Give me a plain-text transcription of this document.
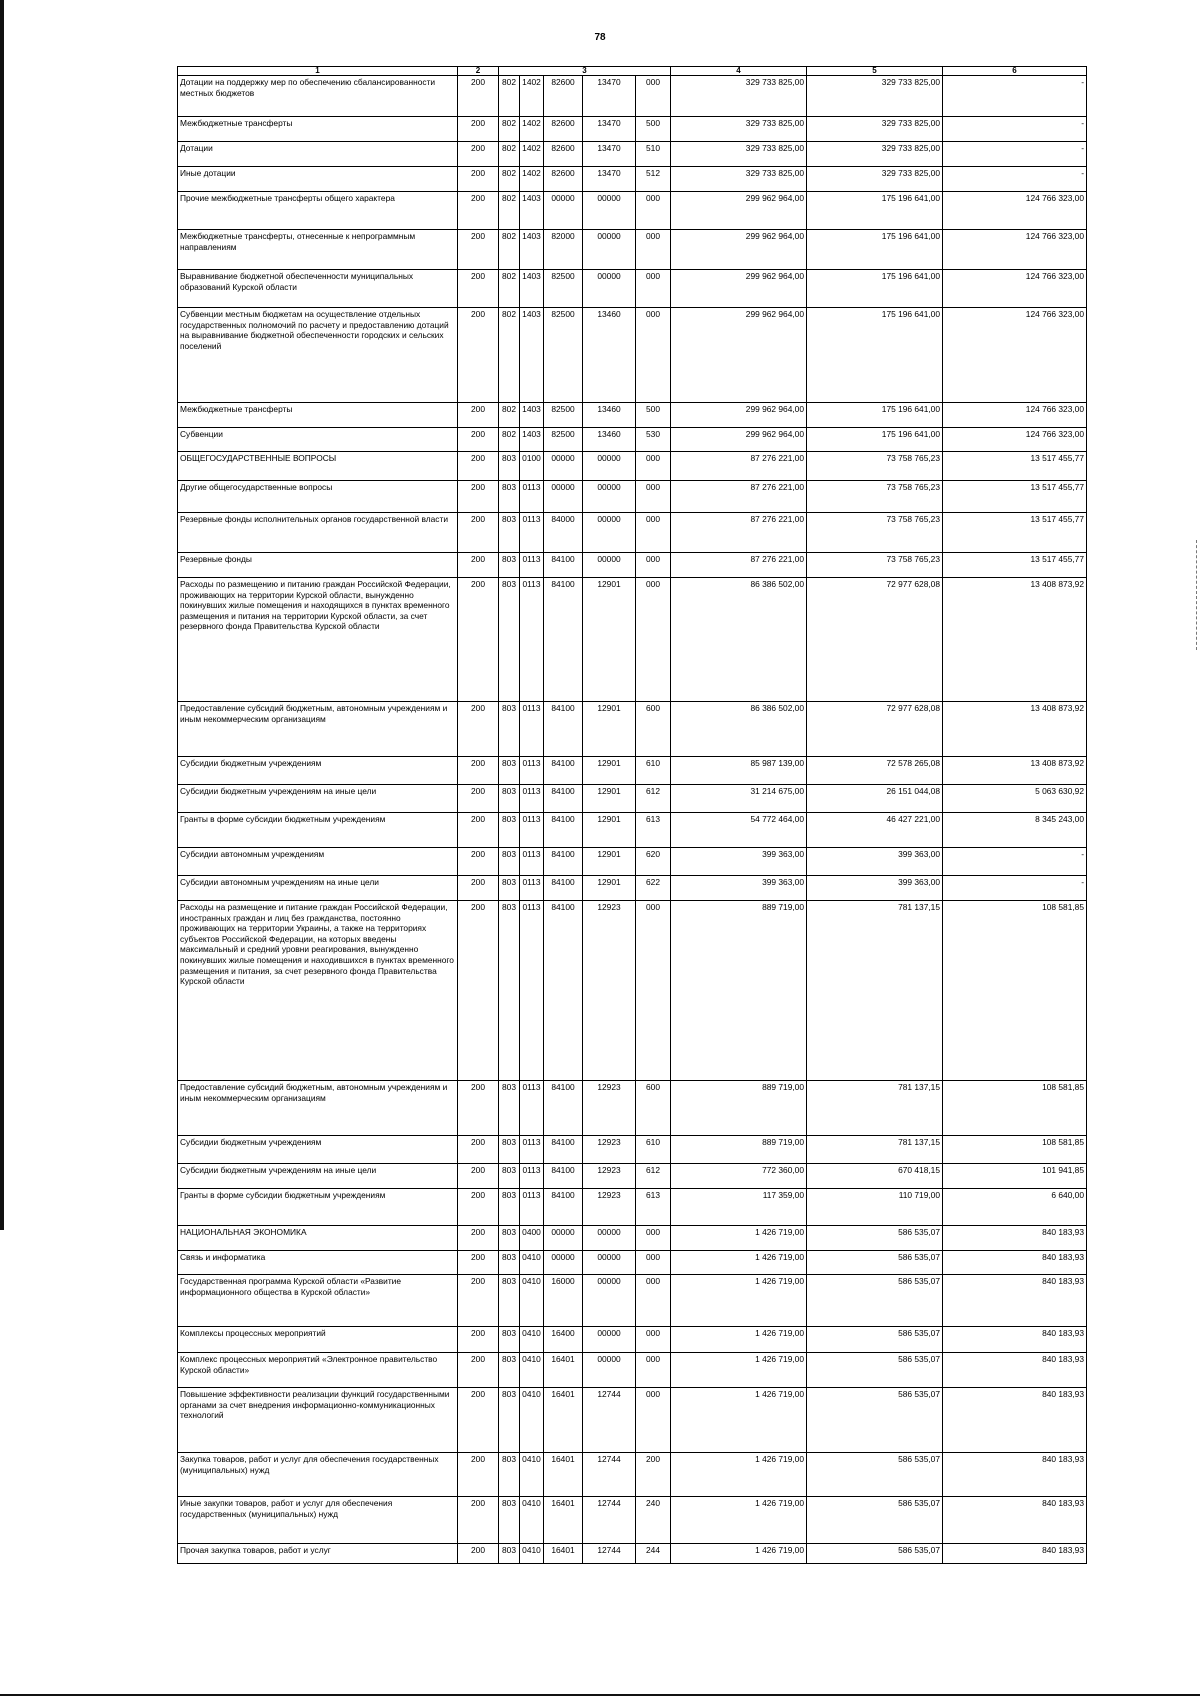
78
1	2	3					4	5	6
Дотации на поддержку мер по обеспечению сбалансированности местных бюджетов	200	802	1402	82600	13470	000	329 733 825,00	329 733 825,00	-
Межбюджетные трансферты	200	802	1402	82600	13470	500	329 733 825,00	329 733 825,00	-
Дотации	200	802	1402	82600	13470	510	329 733 825,00	329 733 825,00	-
Иные дотации	200	802	1402	82600	13470	512	329 733 825,00	329 733 825,00	-
Прочие межбюджетные трансферты общего характера	200	802	1403	00000	00000	000	299 962 964,00	175 196 641,00	124 766 323,00
Межбюджетные трансферты, отнесенные к непрограммным направлениям	200	802	1403	82000	00000	000	299 962 964,00	175 196 641,00	124 766 323,00
Выравнивание бюджетной обеспеченности муниципальных образований Курской области	200	802	1403	82500	00000	000	299 962 964,00	175 196 641,00	124 766 323,00
Субвенции местным бюджетам на осуществление отдельных государственных полномочий по расчету и предоставлению дотаций на выравнивание бюджетной обеспеченности городских и сельских поселений	200	802	1403	82500	13460	000	299 962 964,00	175 196 641,00	124 766 323,00
Межбюджетные трансферты	200	802	1403	82500	13460	500	299 962 964,00	175 196 641,00	124 766 323,00
Субвенции	200	802	1403	82500	13460	530	299 962 964,00	175 196 641,00	124 766 323,00
ОБЩЕГОСУДАРСТВЕННЫЕ ВОПРОСЫ	200	803	0100	00000	00000	000	87 276 221,00	73 758 765,23	13 517 455,77
Другие общегосударственные вопросы	200	803	0113	00000	00000	000	87 276 221,00	73 758 765,23	13 517 455,77
Резервные фонды исполнительных органов государственной власти	200	803	0113	84000	00000	000	87 276 221,00	73 758 765,23	13 517 455,77
Резервные фонды	200	803	0113	84100	00000	000	87 276 221,00	73 758 765,23	13 517 455,77
Расходы по размещению и питанию граждан Российской Федерации, проживающих на территории Курской области, вынужденно покинувших жилые помещения и находящихся в пунктах временного размещения и питания на территории Курской области, за счет резервного фонда Правительства Курской области	200	803	0113	84100	12901	000	86 386 502,00	72 977 628,08	13 408 873,92
Предоставление субсидий бюджетным, автономным учреждениям и иным некоммерческим организациям	200	803	0113	84100	12901	600	86 386 502,00	72 977 628,08	13 408 873,92
Субсидии бюджетным учреждениям	200	803	0113	84100	12901	610	85 987 139,00	72 578 265,08	13 408 873,92
Субсидии бюджетным учреждениям на иные цели	200	803	0113	84100	12901	612	31 214 675,00	26 151 044,08	5 063 630,92
Гранты в форме субсидии бюджетным учреждениям	200	803	0113	84100	12901	613	54 772 464,00	46 427 221,00	8 345 243,00
Субсидии автономным учреждениям	200	803	0113	84100	12901	620	399 363,00	399 363,00	-
Субсидии автономным учреждениям на иные цели	200	803	0113	84100	12901	622	399 363,00	399 363,00	-
Расходы на размещение и питание граждан Российской Федерации, иностранных граждан и лиц без гражданства, постоянно проживающих на территории Украины, а также на территориях субъектов Российской Федерации, на которых введены максимальный и средний уровни реагирования, вынужденно покинувших жилые помещения и находившихся в пунктах временного размещения и питания, за счет резервного фонда Правительства Курской области	200	803	0113	84100	12923	000	889 719,00	781 137,15	108 581,85
Предоставление субсидий бюджетным, автономным учреждениям и иным некоммерческим организациям	200	803	0113	84100	12923	600	889 719,00	781 137,15	108 581,85
Субсидии бюджетным учреждениям	200	803	0113	84100	12923	610	889 719,00	781 137,15	108 581,85
Субсидии бюджетным учреждениям на иные цели	200	803	0113	84100	12923	612	772 360,00	670 418,15	101 941,85
Гранты в форме субсидии бюджетным учреждениям	200	803	0113	84100	12923	613	117 359,00	110 719,00	6 640,00
НАЦИОНАЛЬНАЯ ЭКОНОМИКА	200	803	0400	00000	00000	000	1 426 719,00	586 535,07	840 183,93
Связь и информатика	200	803	0410	00000	00000	000	1 426 719,00	586 535,07	840 183,93
Государственная программа Курской области «Развитие информационного общества в Курской области»	200	803	0410	16000	00000	000	1 426 719,00	586 535,07	840 183,93
Комплексы процессных мероприятий	200	803	0410	16400	00000	000	1 426 719,00	586 535,07	840 183,93
Комплекс процессных мероприятий «Электронное правительство Курской области»	200	803	0410	16401	00000	000	1 426 719,00	586 535,07	840 183,93
Повышение эффективности реализации функций государственными органами за счет внедрения информационно-коммуникационных технологий	200	803	0410	16401	12744	000	1 426 719,00	586 535,07	840 183,93
Закупка товаров, работ и услуг для обеспечения государственных (муниципальных) нужд	200	803	0410	16401	12744	200	1 426 719,00	586 535,07	840 183,93
Иные закупки товаров, работ и услуг для обеспечения государственных (муниципальных) нужд	200	803	0410	16401	12744	240	1 426 719,00	586 535,07	840 183,93
Прочая закупка товаров, работ и услуг	200	803	0410	16401	12744	244	1 426 719,00	586 535,07	840 183,93
